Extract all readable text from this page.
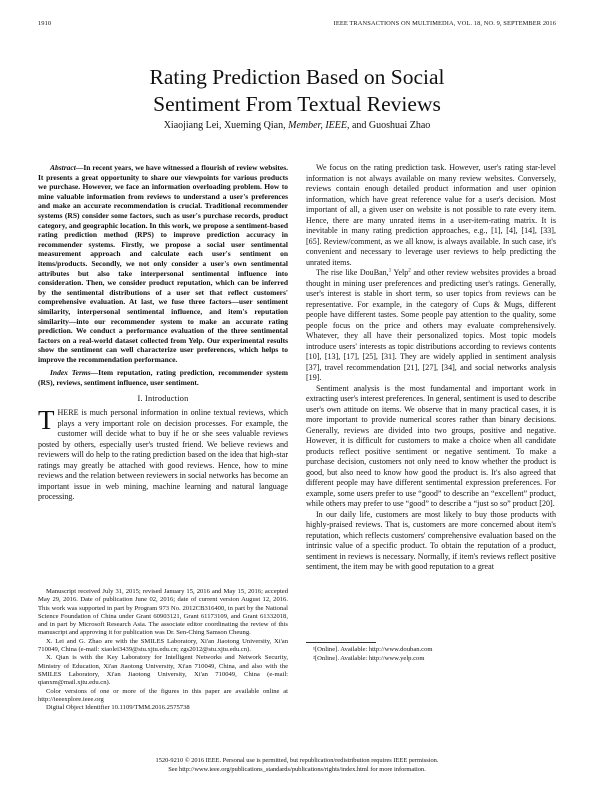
1910	IEEE TRANSACTIONS ON MULTIMEDIA, VOL. 18, NO. 9, SEPTEMBER 2016
Rating Prediction Based on Social
Sentiment From Textual Reviews
Xiaojiang Lei, Xueming Qian, Member, IEEE, and Guoshuai Zhao

Abstract—In recent years, we have witnessed a flourish of review websites. It presents a great opportunity to share our viewpoints for various products we purchase. However, we face an information overloading problem. How to mine valuable information from reviews to understand a user's preferences and make an accurate recommendation is crucial. Traditional recommender systems (RS) consider some factors, such as user's purchase records, product category, and geographic location. In this work, we propose a sentiment-based rating prediction method (RPS) to improve prediction accuracy in recommender systems. Firstly, we propose a social user sentimental measurement approach and calculate each user's sentiment on items/products. Secondly, we not only consider a user's own sentimental attributes but also take interpersonal sentimental influence into consideration. Then, we consider product reputation, which can be inferred by the sentimental distributions of a user set that reflect customers' comprehensive evaluation. At last, we fuse three factors—user sentiment similarity, interpersonal sentimental influence, and item's reputation similarity—into our recommender system to make an accurate rating prediction. We conduct a performance evaluation of the three sentimental factors on a real-world dataset collected from Yelp. Our experimental results show the sentiment can well characterize user preferences, which helps to improve the recommendation performance.

Index Terms—Item reputation, rating prediction, recommender system (RS), reviews, sentiment influence, user sentiment.

I. Introduction

THERE is much personal information in online textual reviews, which plays a very important role on decision processes. For example, the customer will decide what to buy if he or she sees valuable reviews posted by others, especially user's trusted friend. We believe reviews and reviewers will do help to the rating prediction based on the idea that high-star ratings may greatly be attached with good reviews. Hence, how to mine reviews and the relation between reviewers in social networks has become an important issue in web mining, machine learning and natural language processing.

Manuscript received July 31, 2015; revised January 15, 2016 and May 15, 2016; accepted May 29, 2016. Date of publication June 02, 2016; date of current version August 12, 2016. This work was supported in part by Program 973 No. 2012CB316400, in part by the National Science Foundation of China under Grant 60903121, Grant 61173109, and Grant 61332018, and in part by Microsoft Research Asia. The associate editor coordinating the review of this manuscript and approving it for publication was Dr. Sen-Ching Samson Cheung.

X. Lei and G. Zhao are with the SMILES Laboratory, Xi'an Jiaotong University, Xi'an 710049, China (e-mail: xiaolei3439@stu.xjtu.edu.cn; zgs2012@stu.xjtu.edu.cn).

X. Qian is with the Key Laboratory for Intelligent Networks and Network Security, Ministry of Education, Xi'an Jiaotong University, Xi'an 710049, China, and also with the SMILES Laboratory, Xi'an Jiaotong University, Xi'an 710049, China (e-mail: qianxm@mail.xjtu.edu.cn).

Color versions of one or more of the figures in this paper are available online at http://ieeexplore.ieee.org

Digital Object Identifier 10.1109/TMM.2016.2575738

We focus on the rating prediction task. However, user's rating star-level information is not always available on many review websites. Conversely, reviews contain enough detailed product information and user opinion information, which have great reference value for a user's decision. Most important of all, a given user on website is not possible to rate every item. Hence, there are many unrated items in a user-item-rating matrix. It is inevitable in many rating prediction approaches, e.g., [1], [4], [14], [33], [65]. Review/comment, as we all know, is always available. In such case, it's convenient and necessary to leverage user reviews to help predicting the unrated items.

The rise like DouBan,$^1$ Yelp$^2$ and other review websites provides a broad thought in mining user preferences and predicting user's ratings. Generally, user's interest is stable in short term, so user topics from reviews can be representative. For example, in the category of Cups & Mugs, different people have different tastes. Some people pay attention to the quality, some people focus on the price and others may evaluate comprehensively. Whatever, they all have their personalized topics. Most topic models introduce users' interests as topic distributions according to reviews contents [10], [13], [17], [25], [31]. They are widely applied in sentiment analysis [37], travel recommendation [21], [27], [34], and social networks analysis [19].

Sentiment analysis is the most fundamental and important work in extracting user's interest preferences. In general, sentiment is used to describe user's own attitude on items. We observe that in many practical cases, it is more important to provide numerical scores rather than binary decisions. Generally, reviews are divided into two groups, positive and negative. However, it is difficult for customers to make a choice when all candidate products reflect positive sentiment or negative sentiment. To make a purchase decision, customers not only need to know whether the product is good, but also need to know how good the product is. It's also agreed that different people may have different sentimental expression preferences. For example, some users prefer to use “good” to describe an “excellent” product, while others may prefer to use “good” to describe a “just so so” product [20].

In our daily life, customers are most likely to buy those products with highly-praised reviews. That is, customers are more concerned about item's reputation, which reflects customers' comprehensive evaluation based on the intrinsic value of a specific product. To obtain the reputation of a product, sentiment in reviews is necessary. Normally, if item's reviews reflect positive sentiment, the item may be with good reputation to a great

¹[Online]. Available: http://www.douban.com
²[Online]. Available: http://www.yelp.com
1520-9210 © 2016 IEEE. Personal use is permitted, but republication/redistribution requires IEEE permission.
See http://www.ieee.org/publications_standards/publications/rights/index.html for more information.
